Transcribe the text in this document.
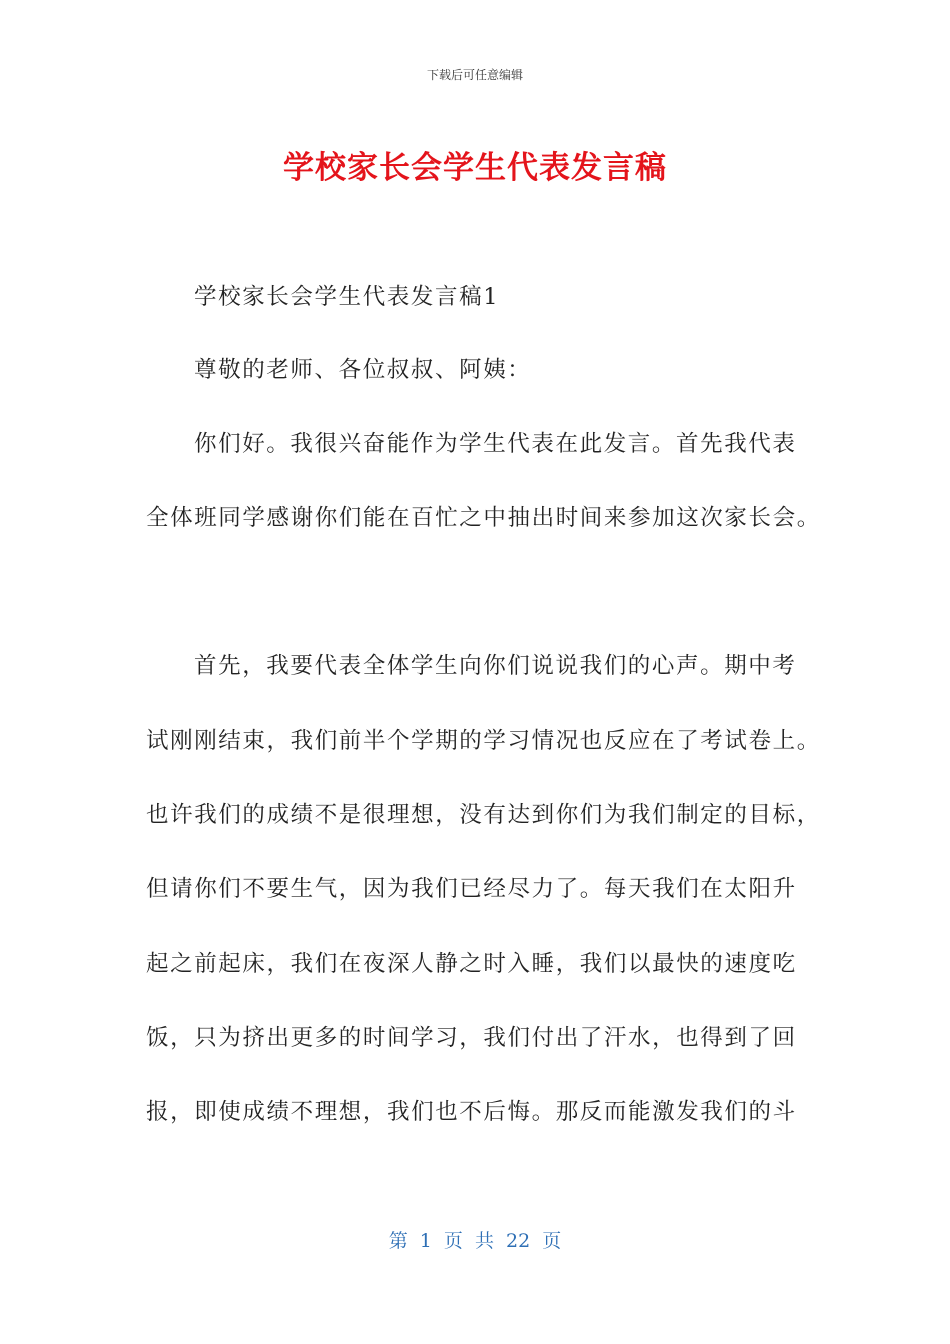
下载后可任意编辑
学校家长会学生代表发言稿
学校家长会学生代表发言稿1
尊敬的老师、各位叔叔、阿姨：
你们好。我很兴奋能作为学生代表在此发言。首先我代表
全体班同学感谢你们能在百忙之中抽出时间来参加这次家长会。
首先，我要代表全体学生向你们说说我们的心声。期中考
试刚刚结束，我们前半个学期的学习情况也反应在了考试卷上。
也许我们的成绩不是很理想，没有达到你们为我们制定的目标，
但请你们不要生气，因为我们已经尽力了。每天我们在太阳升
起之前起床，我们在夜深人静之时入睡，我们以最快的速度吃
饭，只为挤出更多的时间学习，我们付出了汗水，也得到了回
报，即使成绩不理想，我们也不后悔。那反而能激发我们的斗
第 1 页 共 22 页
